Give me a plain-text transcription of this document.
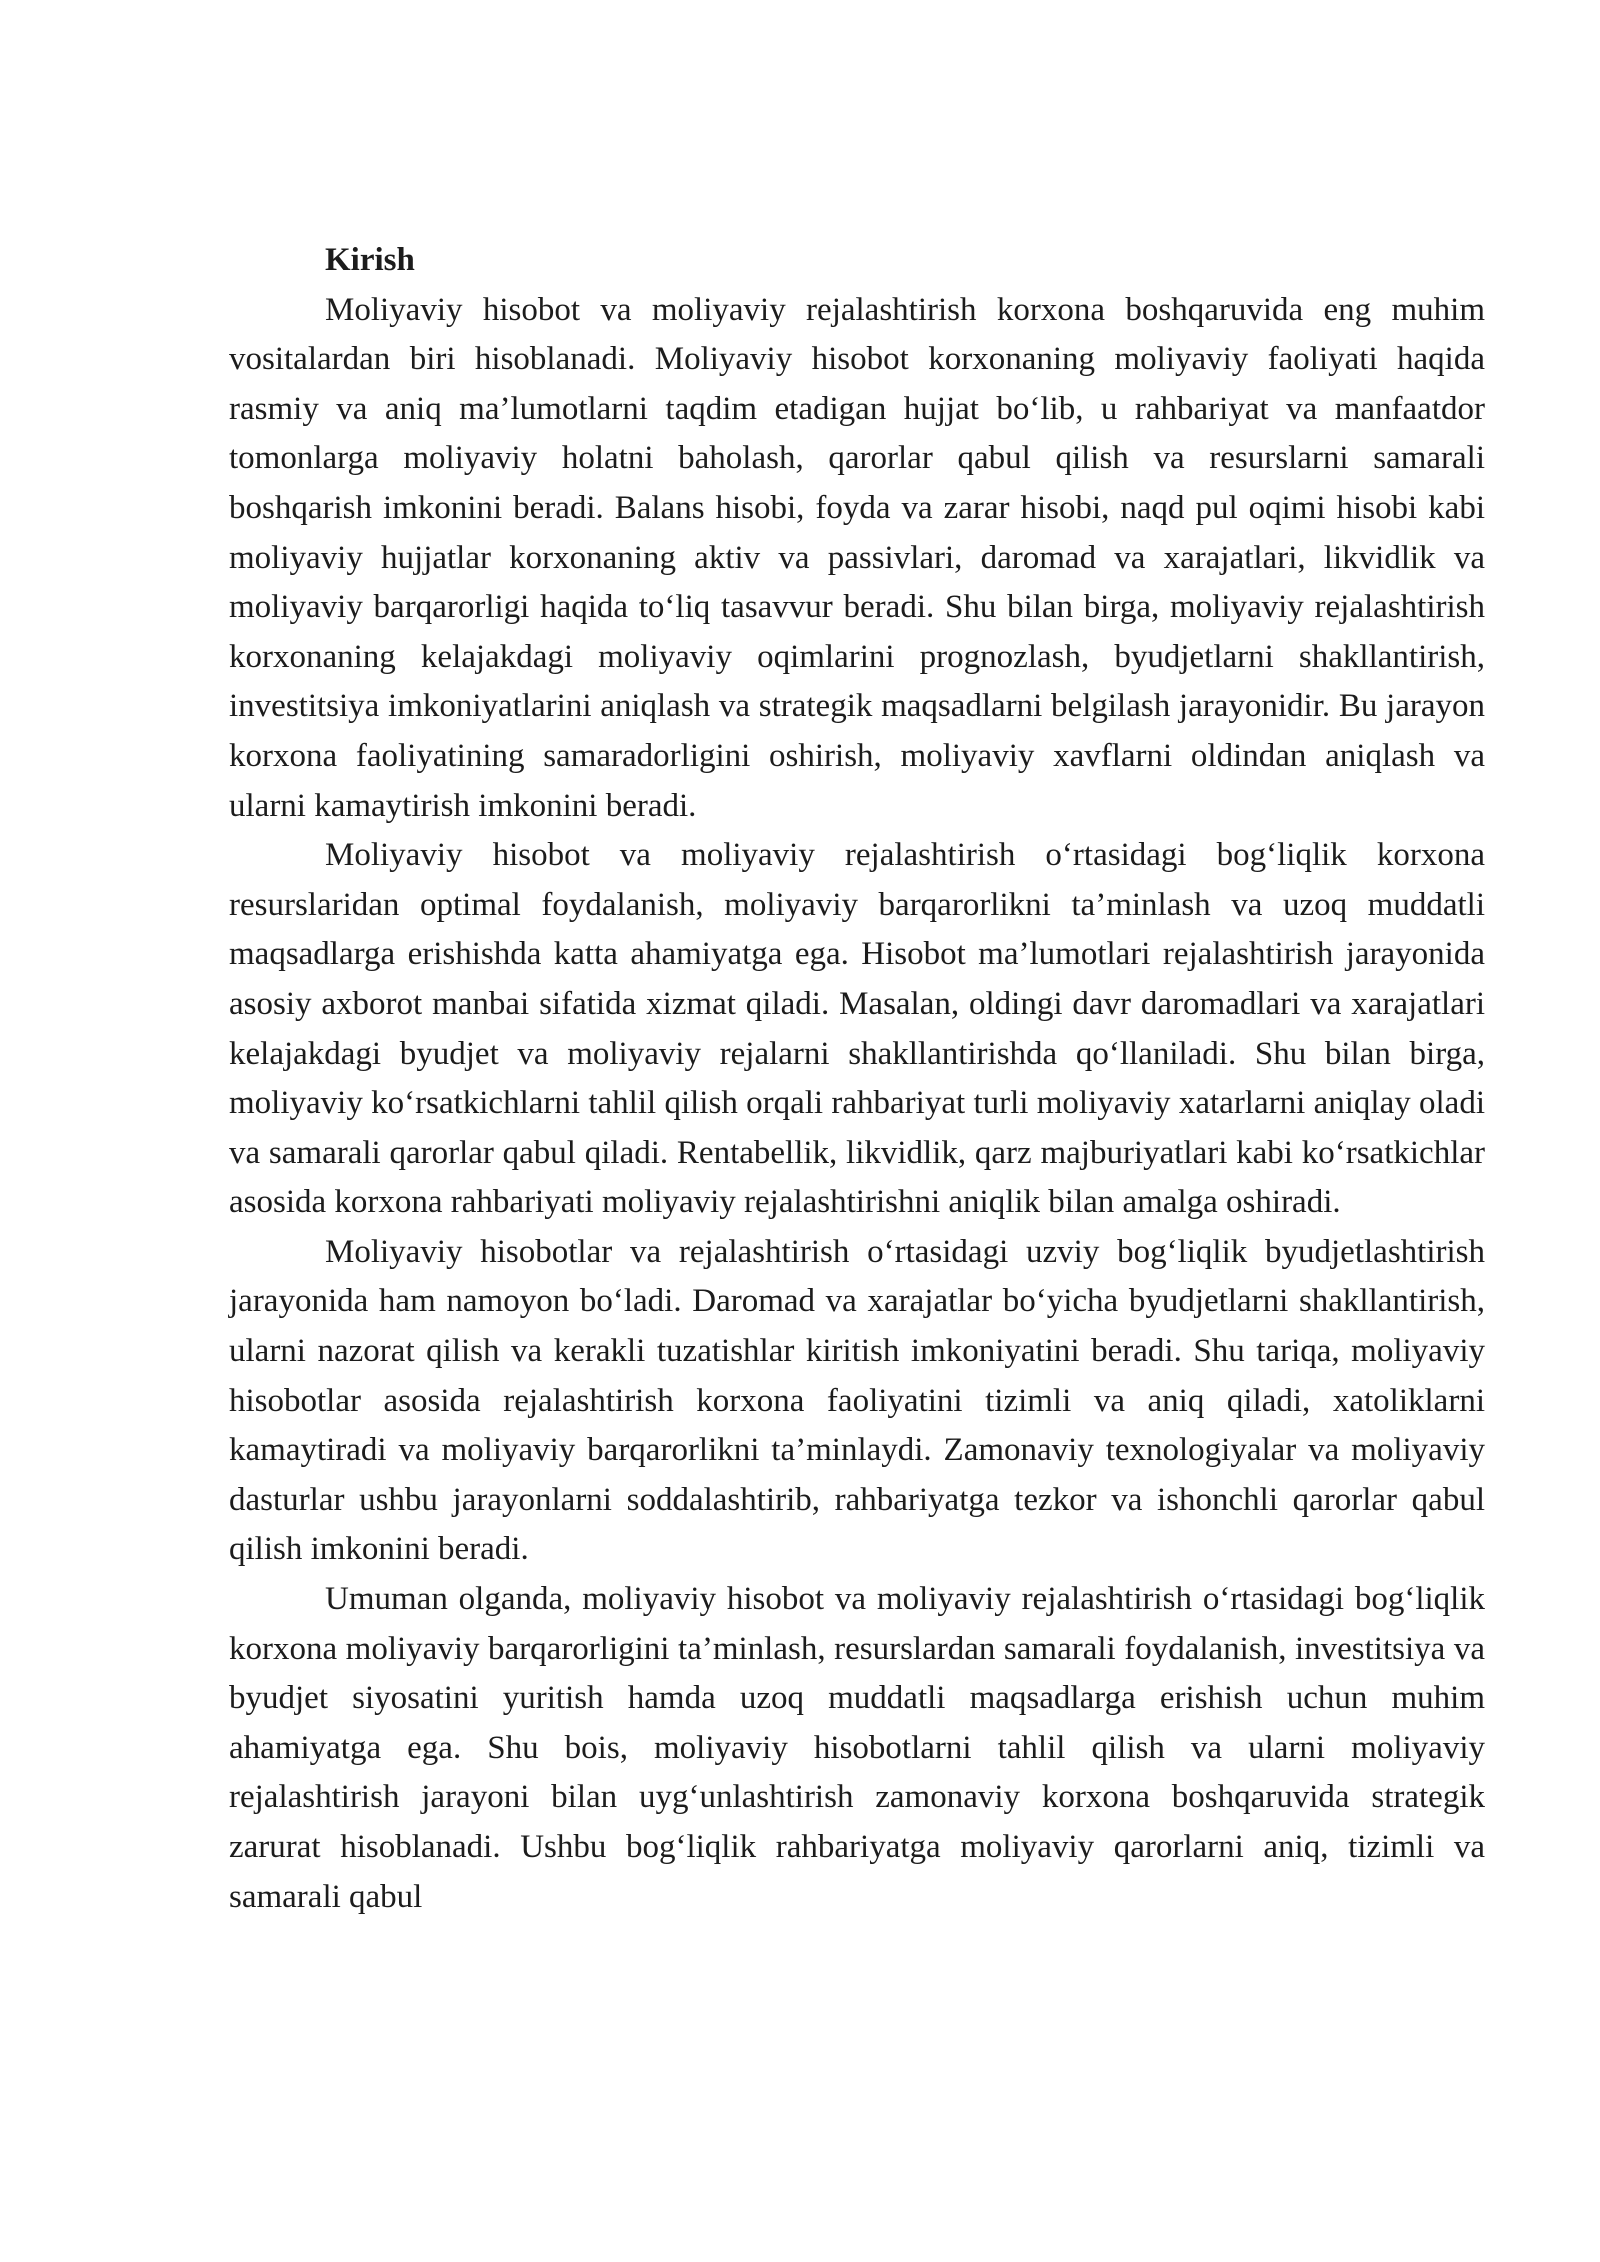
Kirish

Moliyaviy hisobot va moliyaviy rejalashtirish korxona boshqaruvida eng muhim vositalardan biri hisoblanadi. Moliyaviy hisobot korxonaning moliyaviy faoliyati haqida rasmiy va aniq ma’lumotlarni taqdim etadigan hujjat bo‘lib, u rahbariyat va manfaatdor tomonlarga moliyaviy holatni baholash, qarorlar qabul qilish va resurslarni samarali boshqarish imkonini beradi. Balans hisobi, foyda va zarar hisobi, naqd pul oqimi hisobi kabi moliyaviy hujjatlar korxonaning aktiv va passivlari, daromad va xarajatlari, likvidlik va moliyaviy barqarorligi haqida to‘liq tasavvur beradi. Shu bilan birga, moliyaviy rejalashtirish korxonaning kelajakdagi moliyaviy oqimlarini prognozlash, byudjetlarni shakllantirish, investitsiya imkoniyatlarini aniqlash va strategik maqsadlarni belgilash jarayonidir. Bu jarayon korxona faoliyatining samaradorligini oshirish, moliyaviy xavflarni oldindan aniqlash va ularni kamaytirish imkonini beradi.

Moliyaviy hisobot va moliyaviy rejalashtirish o‘rtasidagi bog‘liqlik korxona resurslaridan optimal foydalanish, moliyaviy barqarorlikni ta’minlash va uzoq muddatli maqsadlarga erishishda katta ahamiyatga ega. Hisobot ma’lumotlari rejalashtirish jarayonida asosiy axborot manbai sifatida xizmat qiladi. Masalan, oldingi davr daromadlari va xarajatlari kelajakdagi byudjet va moliyaviy rejalarni shakllantirishda qo‘llaniladi. Shu bilan birga, moliyaviy ko‘rsatkichlarni tahlil qilish orqali rahbariyat turli moliyaviy xatarlarni aniqlay oladi va samarali qarorlar qabul qiladi. Rentabellik, likvidlik, qarz majburiyatlari kabi ko‘rsatkichlar asosida korxona rahbariyati moliyaviy rejalashtirishni aniqlik bilan amalga oshiradi.

Moliyaviy hisobotlar va rejalashtirish o‘rtasidagi uzviy bog‘liqlik byudjetlashtirish jarayonida ham namoyon bo‘ladi. Daromad va xarajatlar bo‘yicha byudjetlarni shakllantirish, ularni nazorat qilish va kerakli tuzatishlar kiritish imkoniyatini beradi. Shu tariqa, moliyaviy hisobotlar asosida rejalashtirish korxona faoliyatini tizimli va aniq qiladi, xatoliklarni kamaytiradi va moliyaviy barqarorlikni ta’minlaydi. Zamonaviy texnologiyalar va moliyaviy dasturlar ushbu jarayonlarni soddalashtirib, rahbariyatga tezkor va ishonchli qarorlar qabul qilish imkonini beradi.

Umuman olganda, moliyaviy hisobot va moliyaviy rejalashtirish o‘rtasidagi bog‘liqlik korxona moliyaviy barqarorligini ta’minlash, resurslardan samarali foydalanish, investitsiya va byudjet siyosatini yuritish hamda uzoq muddatli maqsadlarga erishish uchun muhim ahamiyatga ega. Shu bois, moliyaviy hisobotlarni tahlil qilish va ularni moliyaviy rejalashtirish jarayoni bilan uyg‘unlashtirish zamonaviy korxona boshqaruvida strategik zarurat hisoblanadi. Ushbu bog‘liqlik rahbariyatga moliyaviy qarorlarni aniq, tizimli va samarali qabul
